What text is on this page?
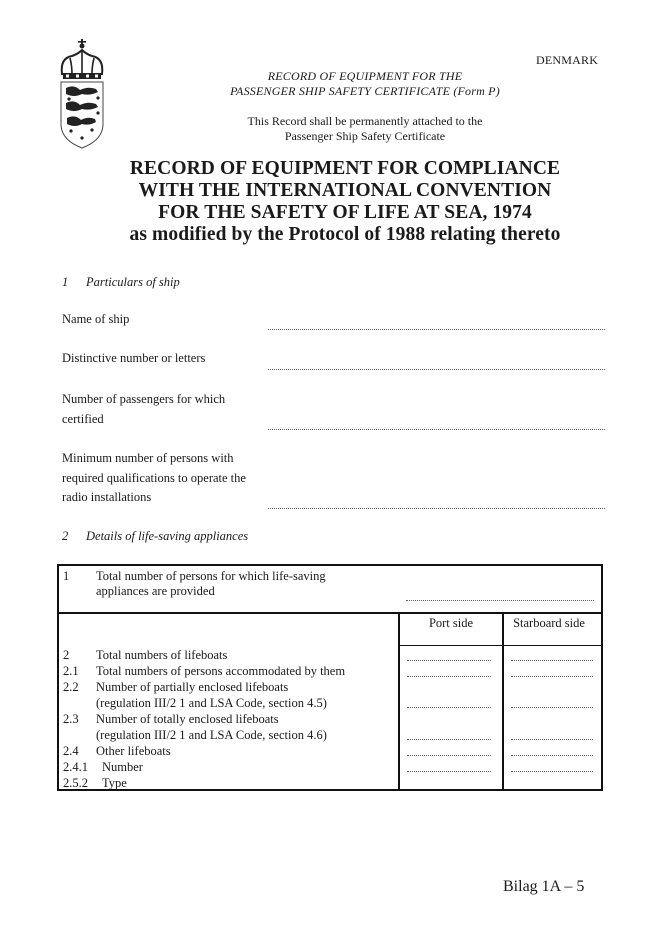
DENMARK
RECORD OF EQUIPMENT FOR THE
PASSENGER SHIP SAFETY CERTIFICATE (Form P)
This Record shall be permanently attached to the
Passenger Ship Safety Certificate
RECORD OF EQUIPMENT FOR COMPLIANCE
WITH THE INTERNATIONAL CONVENTION
FOR THE SAFETY OF LIFE AT SEA, 1974
as modified by the Protocol of 1988 relating thereto
1 Particulars of ship
Name of ship
Distinctive number or letters
Number of passengers for which certified
Minimum number of persons with required qualifications to operate the radio installations
2 Details of life-saving appliances
1 Total number of persons for which life-saving
appliances are provided
Port side	Starboard side
2 Total numbers of lifeboats
2.1 Total numbers of persons accommodated by them
2.2 Number of partially enclosed lifeboats
(regulation III/2 1 and LSA Code, section 4.5)
2.3 Number of totally enclosed lifeboats
(regulation III/2 1 and LSA Code, section 4.6)
2.4 Other lifeboats
2.4.1 Number
2.5.2 Type
Bilag 1A – 5
